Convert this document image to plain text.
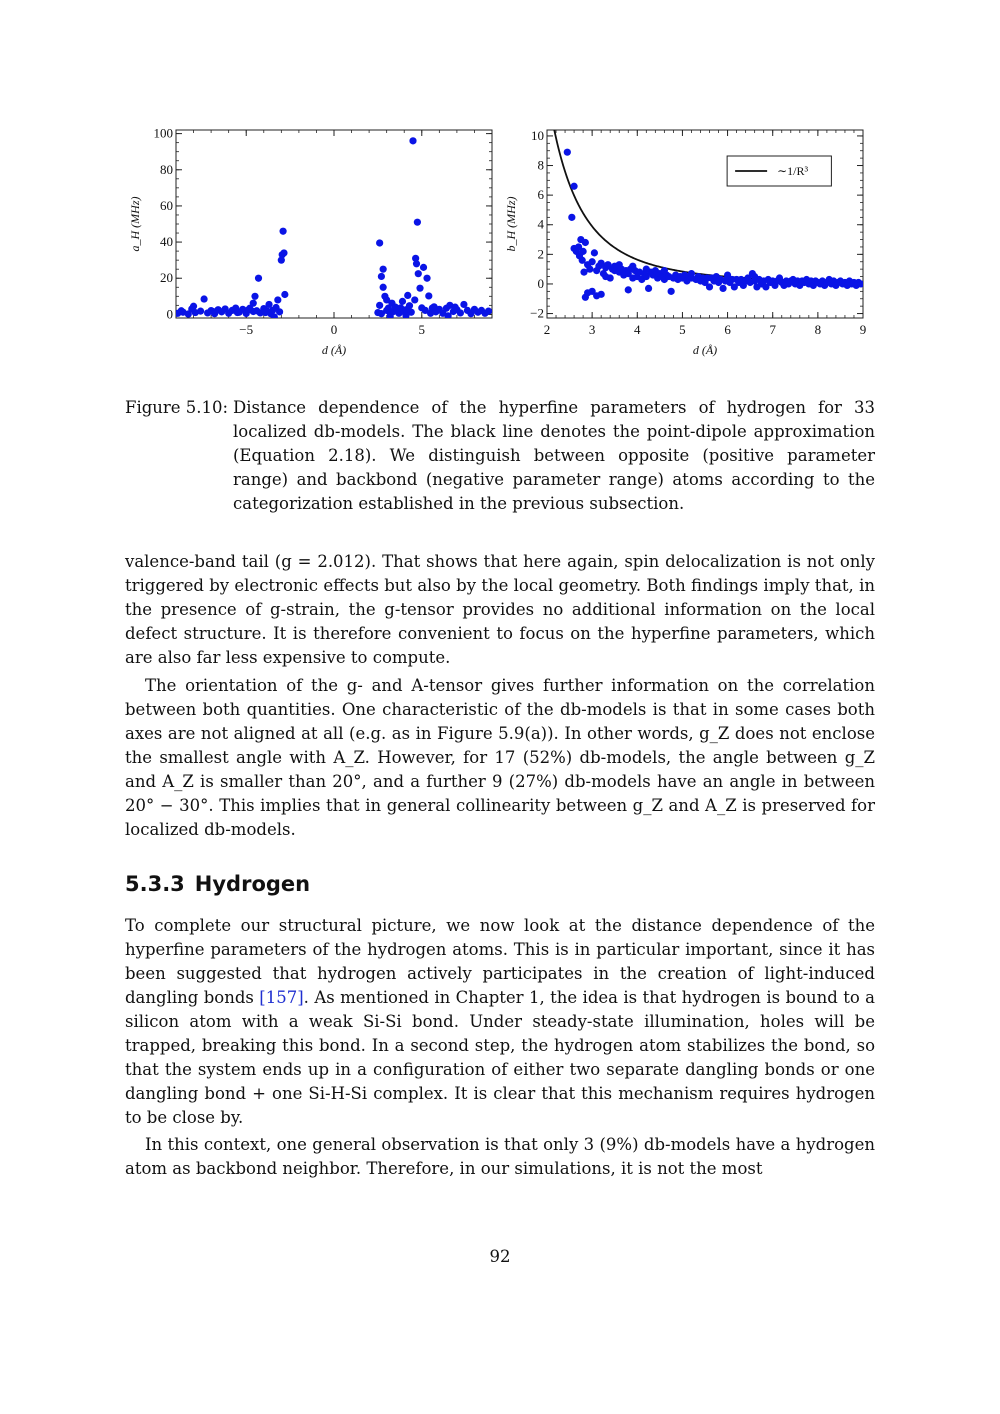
−5	0	5
0
20
40
60
80
100
d (Å)
a_H (MHz)
2	3	4	5	6	7	8	9
−2
0
2
4
6
8
10
d (Å)
b_H (MHz)
∼1/R³
Figure 5.10: Distance dependence of the hyperfine parameters of hydrogen for 33 localized db-models. The black line denotes the point-dipole approximation (Equation 2.18). We distinguish between opposite (positive parameter range) and backbond (negative parameter range) atoms according to the categorization established in the previous subsection.

valence-band tail (g = 2.012). That shows that here again, spin delocalization is not only triggered by electronic effects but also by the local geometry. Both findings imply that, in the presence of g-strain, the g-tensor provides no additional information on the local defect structure. It is therefore convenient to focus on the hyperfine parameters, which are also far less expensive to compute.

The orientation of the g- and A-tensor gives further information on the correlation between both quantities. One characteristic of the db-models is that in some cases both axes are not aligned at all (e.g. as in Figure 5.9(a)). In other words, g_Z does not enclose the smallest angle with A_Z. However, for 17 (52%) db-models, the angle between g_Z and A_Z is smaller than 20°, and a further 9 (27%) db-models have an angle in between 20° − 30°. This implies that in general collinearity between g_Z and A_Z is preserved for localized db-models.

5.3.3 Hydrogen

To complete our structural picture, we now look at the distance dependence of the hyperfine parameters of the hydrogen atoms. This is in particular important, since it has been suggested that hydrogen actively participates in the creation of light-induced dangling bonds [157]. As mentioned in Chapter 1, the idea is that hydrogen is bound to a silicon atom with a weak Si-Si bond. Under steady-state illumination, holes will be trapped, breaking this bond. In a second step, the hydrogen atom stabilizes the bond, so that the system ends up in a configuration of either two separate dangling bonds or one dangling bond + one Si-H-Si complex. It is clear that this mechanism requires hydrogen to be close by.

In this context, one general observation is that only 3 (9%) db-models have a hydrogen atom as backbond neighbor. Therefore, in our simulations, it is not the most

92
